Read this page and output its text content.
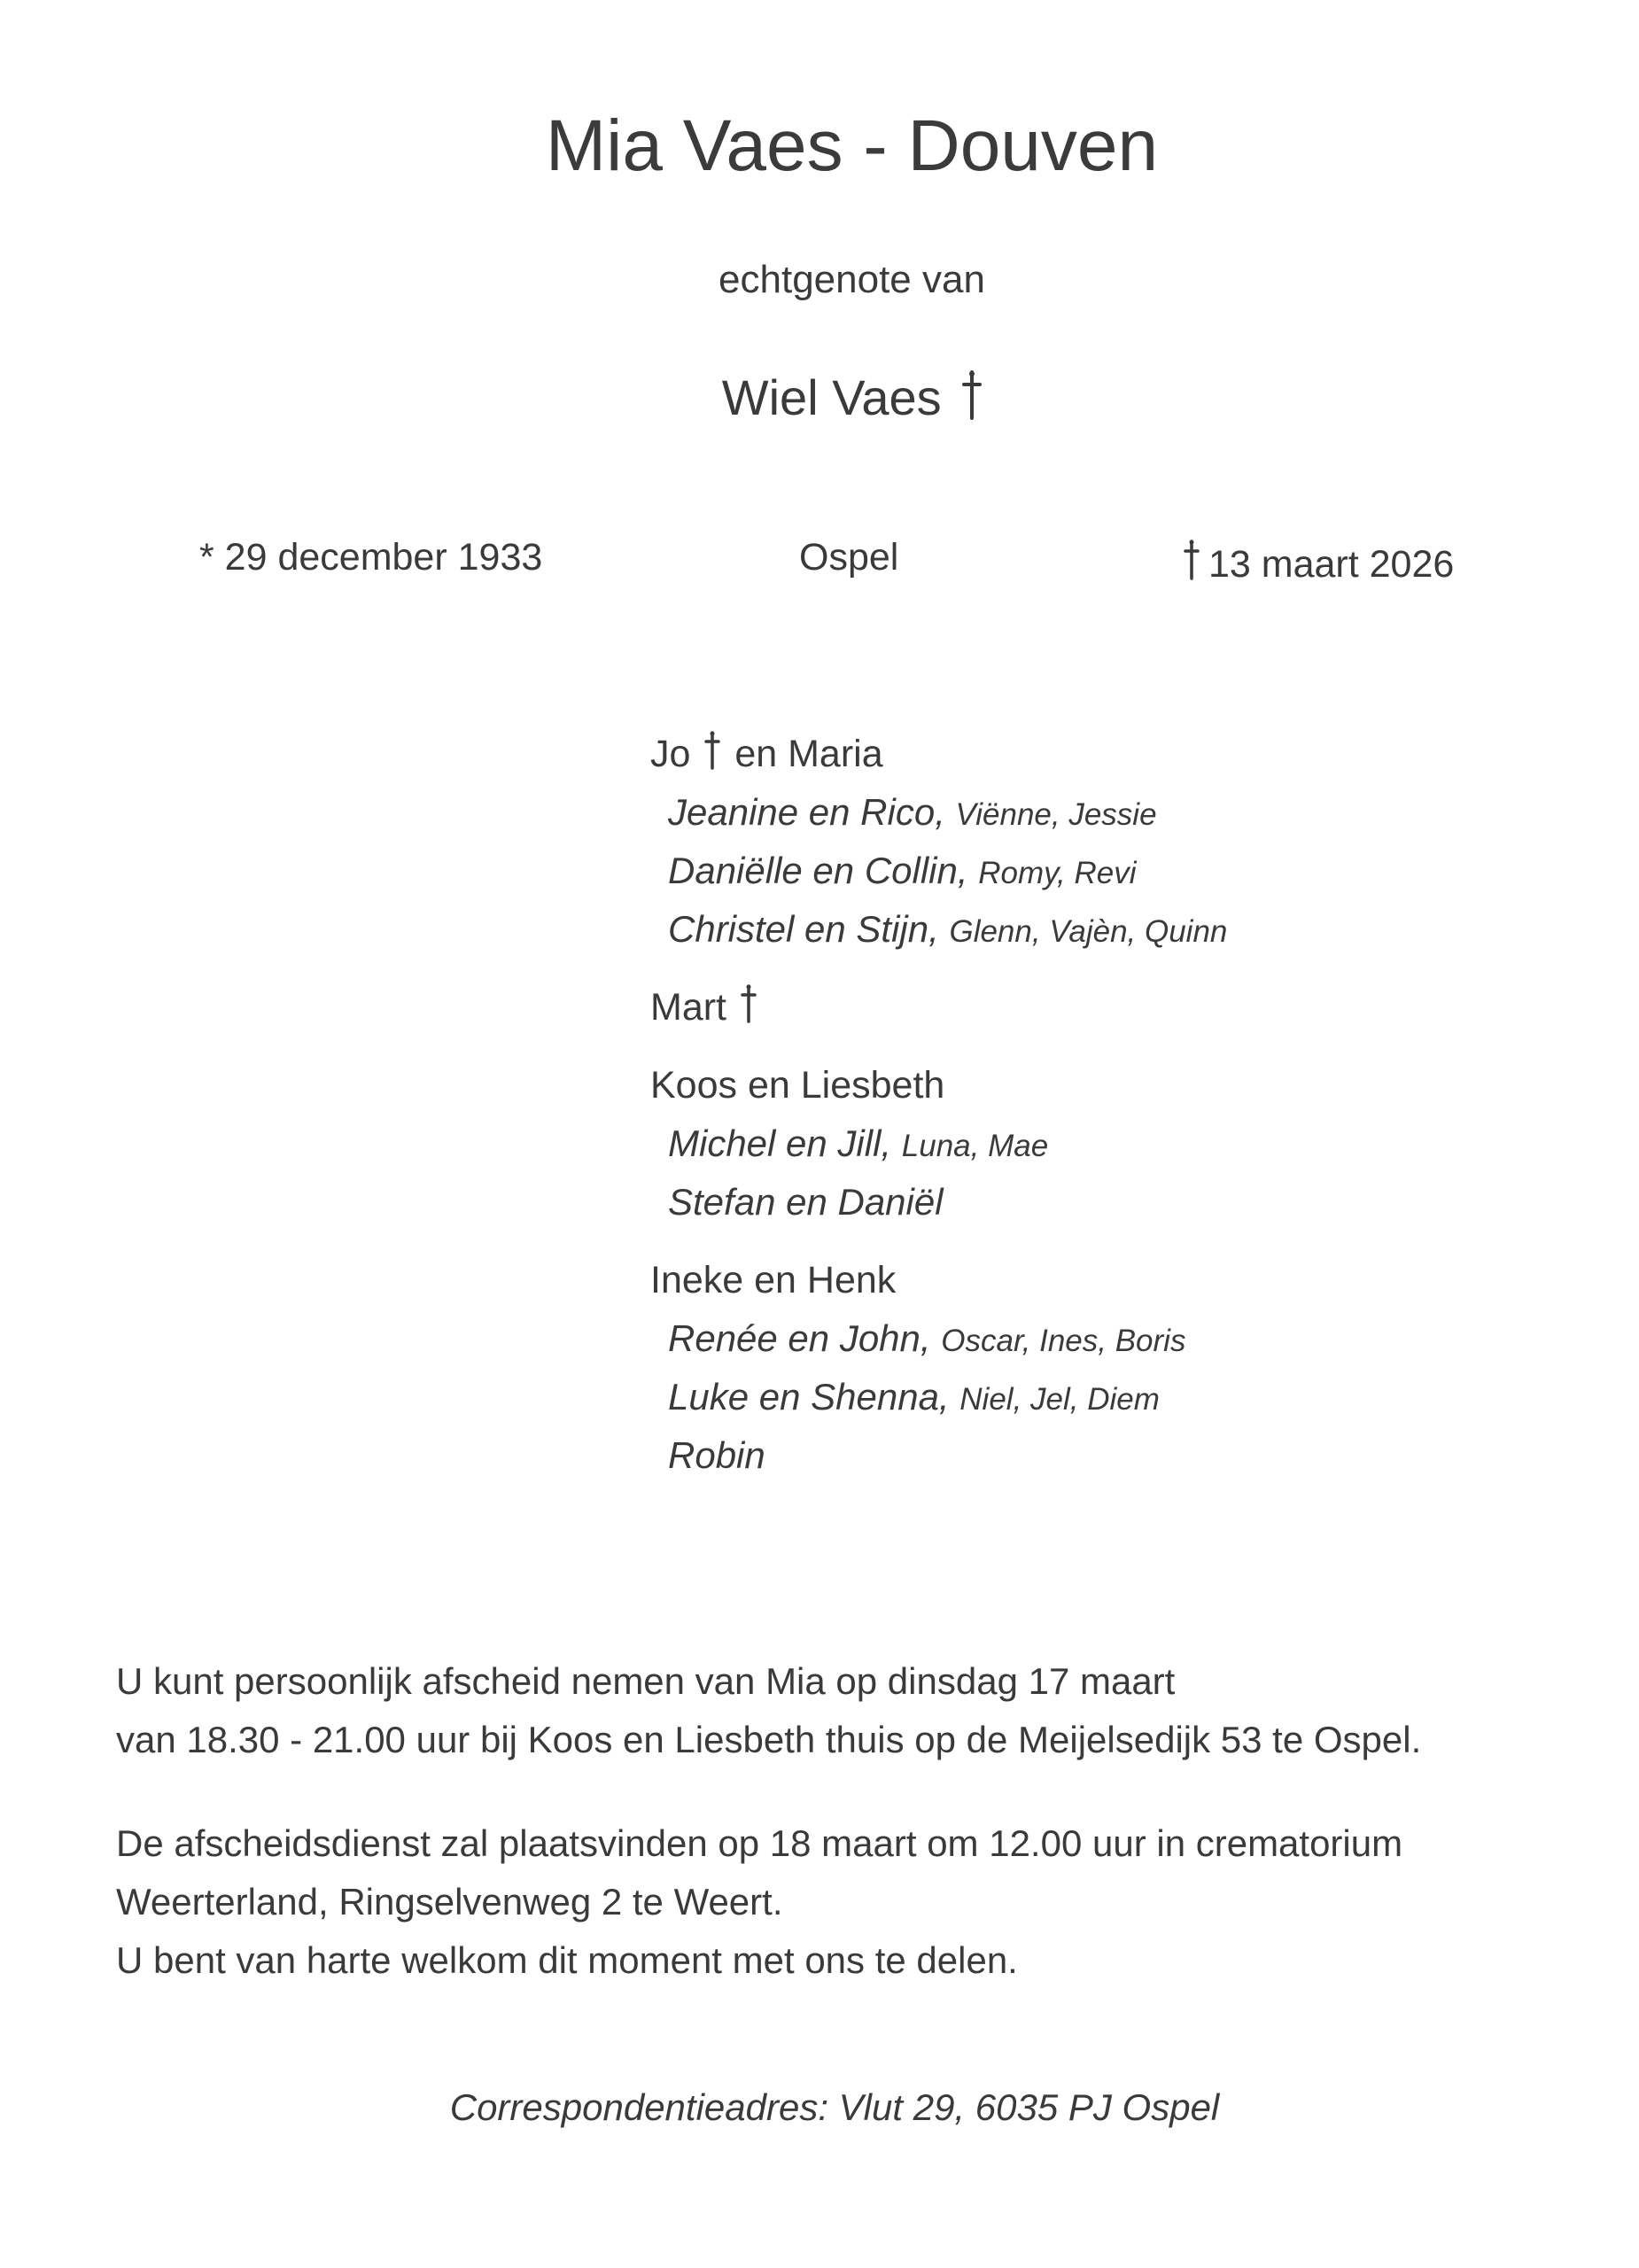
Mia Vaes - Douven
echtgenote van
Wiel Vaes
* 29 december 1933	Ospel	13 maart 2026
Jo en Maria
Jeanine en Rico, Viënne, Jessie
Daniëlle en Collin, Romy, Revi
Christel en Stijn, Glenn, Vajèn, Quinn
Mart
Koos en Liesbeth
Michel en Jill, Luna, Mae
Stefan en Daniël
Ineke en Henk
Renée en John, Oscar, Ines, Boris
Luke en Shenna, Niel, Jel, Diem
Robin
U kunt persoonlijk afscheid nemen van Mia op dinsdag 17 maart
van 18.30 - 21.00 uur bij Koos en Liesbeth thuis op de Meijelsedijk 53 te Ospel.
De afscheidsdienst zal plaatsvinden op 18 maart om 12.00 uur in crematorium
Weerterland, Ringselvenweg 2 te Weert.
U bent van harte welkom dit moment met ons te delen.
Correspondentieadres: Vlut 29, 6035 PJ Ospel
